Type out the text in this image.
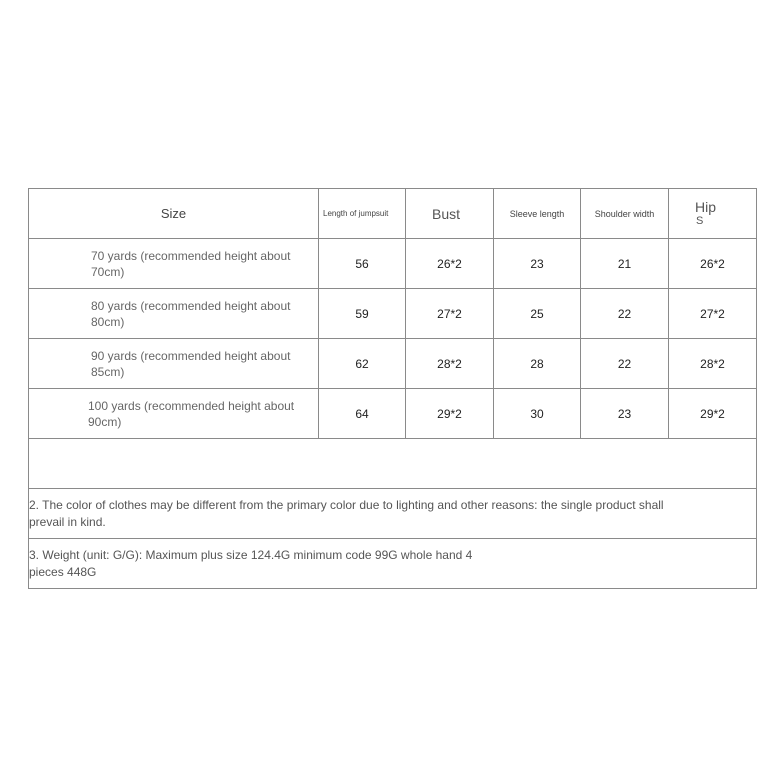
Size	Length of jumpsuit	Bust	Sleeve length	Shoulder width	Hip
S

70 yards (recommended height about 70cm)	56	26*2	23	21	26*2
80 yards (recommended height about 80cm)	59	27*2	25	22	27*2
90 yards (recommended height about 85cm)	62	28*2	28	22	28*2
100 yards (recommended height about 90cm)	64	29*2	30	23	29*2

2. The color of clothes may be different from the primary color due to lighting and other reasons: the single product shall prevail in kind.					

3. Weight (unit: G/G): Maximum plus size 124.4G minimum code 99G whole hand 4 pieces 448G					
